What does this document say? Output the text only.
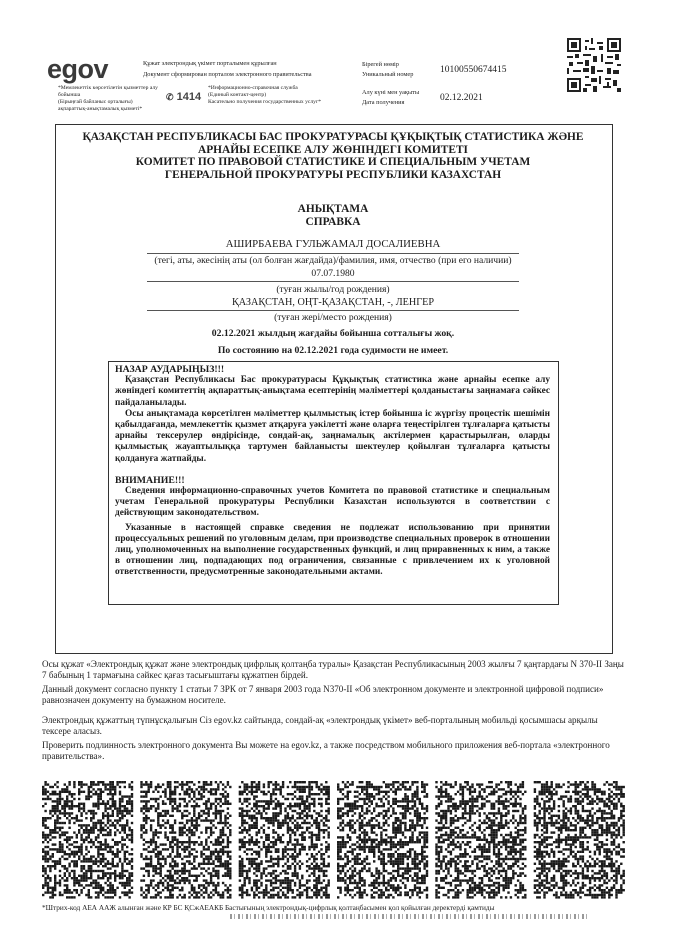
egov	Құжат электрондық үкімет порталымен құрылған
Документ сформирован порталом электронного правительства
*Мемлекеттік көрсетілетін қызметтер алу бойынша
(Бірыңғай байланыс орталығы)
ақпараттық-анықтамалық қызметі*
✆ 1414
*Информационно-справочная служба
(Единый контакт-центр)
Касательно получения государственных услуг*
Бірегей нөмір
Уникальный номер	10100550674415
Алу күні мен уақыты
Дата получения	02.12.2021
ҚАЗАҚСТАН РЕСПУБЛИКАСЫ БАС ПРОКУРАТУРАСЫ ҚҰҚЫҚТЫҚ СТАТИСТИКА ЖӘНЕ
АРНАЙЫ ЕСЕПКЕ АЛУ ЖӨНІНДЕГІ КОМИТЕТІ
КОМИТЕТ ПО ПРАВОВОЙ СТАТИСТИКЕ И СПЕЦИАЛЬНЫМ УЧЕТАМ
ГЕНЕРАЛЬНОЙ ПРОКУРАТУРЫ РЕСПУБЛИКИ КАЗАХСТАН
АНЫҚТАМА
СПРАВКА
АШИРБАЕВА ГУЛЬЖАМАЛ ДОСАЛИЕВНА
(тегі, аты, әкесінің аты (ол болған жағдайда)/фамилия, имя, отчество (при его наличии)
07.07.1980
(туған жылы/год рождения)
ҚАЗАҚСТАН, ОҢТ-ҚАЗАҚСТАН, -, ЛЕНГЕР
(туған жері/место рождения)
02.12.2021 жылдың жағдайы бойынша сотталығы жоқ.
По состоянию на 02.12.2021 года судимости не имеет.
НАЗАР АУДАРЫҢЫЗ!!!
Қазақстан Республикасы Бас прокуратурасы Құқықтық статистика және арнайы есепке алу жөніндегі комитеттің ақпараттық-анықтама есептерінің мәліметтері қолданыстағы заңнамаға сәйкес пайдаланылады.
Осы анықтамада көрсетілген мәліметтер қылмыстық істер бойынша іс жүргізу процестік шешімін қабылдағанда, мемлекеттік қызмет атқаруға уәкілетті және оларға теңестірілген тұлғаларға қатысты арнайы тексерулер өндірісінде, сондай-ақ, заңнамалық актілермен қарастырылған, оларды қылмыстық жауаптылыққа тартумен байланысты шектеулер қойылған тұлғаларға қатысты қолдануға жатпайды.
ВНИМАНИЕ!!!
Сведения информационно-справочных учетов Комитета по правовой статистике и специальным учетам Генеральной прокуратуры Республики Казахстан используются в соответствии с действующим законодательством.
Указанные в настоящей справке сведения не подлежат использованию при принятии процессуальных решений по уголовным делам, при производстве специальных проверок в отношении лиц, уполномоченных на выполнение государственных функций, и лиц приравненных к ним, а также в отношении лиц, подпадающих под ограничения, связанные с привлечением их к уголовной ответственности, предусмотренные законодательными актами.
Осы құжат «Электрондық құжат және электрондық цифрлық қолтаңба туралы» Қазақстан Республикасының 2003 жылғы 7 қаңтардағы N 370-II Заңы 7 бабының 1 тармағына сәйкес қағаз тасығыштағы құжатпен бірдей.
Данный документ согласно пункту 1 статьи 7 ЗРК от 7 января 2003 года N370-II «Об электронном документе и электронной цифровой подписи» равнозначен документу на бумажном носителе.
Электрондық құжаттың түпнұсқалығын Сіз egov.kz сайтында, сондай-ақ «электрондық үкімет» веб-порталының мобильді қосымшасы арқылы тексере аласыз.
Проверить подлинность электронного документа Вы можете на egov.kz, а также посредством мобильного приложения веб-портала «электронного правительства».
*Штрих-код АЕА ААЖ алынған және КР БС ҚСжАЕАКБ Бастығының электрондық-цифрлық қолтаңбасымен қол қойылған деректерді қамтиды
